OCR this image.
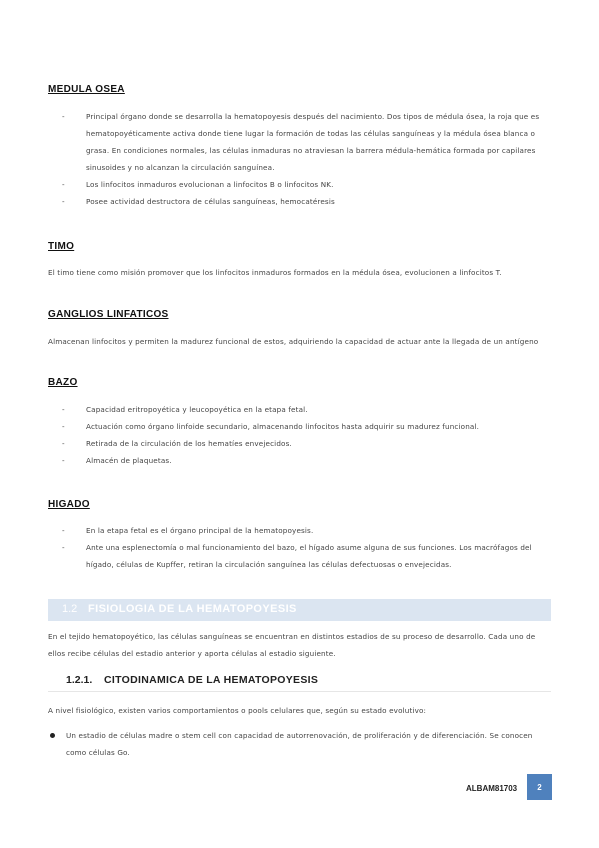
MEDULA OSEA
-	Principal órgano donde se desarrolla la hematopoyesis después del nacimiento. Dos tipos de médula ósea, la roja que es hematopoyéticamente activa donde tiene lugar la formación de todas las células sanguíneas y la médula ósea blanca o grasa. En condiciones normales, las células inmaduras no atraviesan la barrera médula-hemática formada por capilares sinusoides y no alcanzan la circulación sanguínea.
-	Los linfocitos inmaduros evolucionan a linfocitos B o linfocitos NK.
-	Posee actividad destructora de células sanguíneas, hemocatéresis
TIMO
El timo tiene como misión promover que los linfocitos inmaduros formados en la médula ósea, evolucionen a linfocitos T.
GANGLIOS LINFATICOS
Almacenan linfocitos y permiten la madurez funcional de estos, adquiriendo la capacidad de actuar ante la llegada de un antígeno
BAZO
-	Capacidad eritropoyética y leucopoyética en la etapa fetal.
-	Actuación como órgano linfoide secundario, almacenando linfocitos hasta adquirir su madurez funcional.
-	Retirada de la circulación de los hematíes envejecidos.
-	Almacén de plaquetas.
HIGADO
-	En la etapa fetal es el órgano principal de la hematopoyesis.
-	Ante una esplenectomía o mal funcionamiento del bazo, el hígado asume alguna de sus funciones. Los macrófagos del hígado, células de Kupffer, retiran la circulación sanguínea las células defectuosas o envejecidas.
1.2 FISIOLOGIA DE LA HEMATOPOYESIS
En el tejido hematopoyético, las células sanguíneas se encuentran en distintos estadios de su proceso de desarrollo. Cada uno de ellos recibe células del estadio anterior y aporta células al estadio siguiente.
1.2.1. CITODINAMICA DE LA HEMATOPOYESIS
A nivel fisiológico, existen varios comportamientos o pools celulares que, según su estado evolutivo:
Un estadio de células madre o stem cell con capacidad de autorrenovación, de proliferación y de diferenciación. Se conocen como células Go.
ALBAM81703	2
